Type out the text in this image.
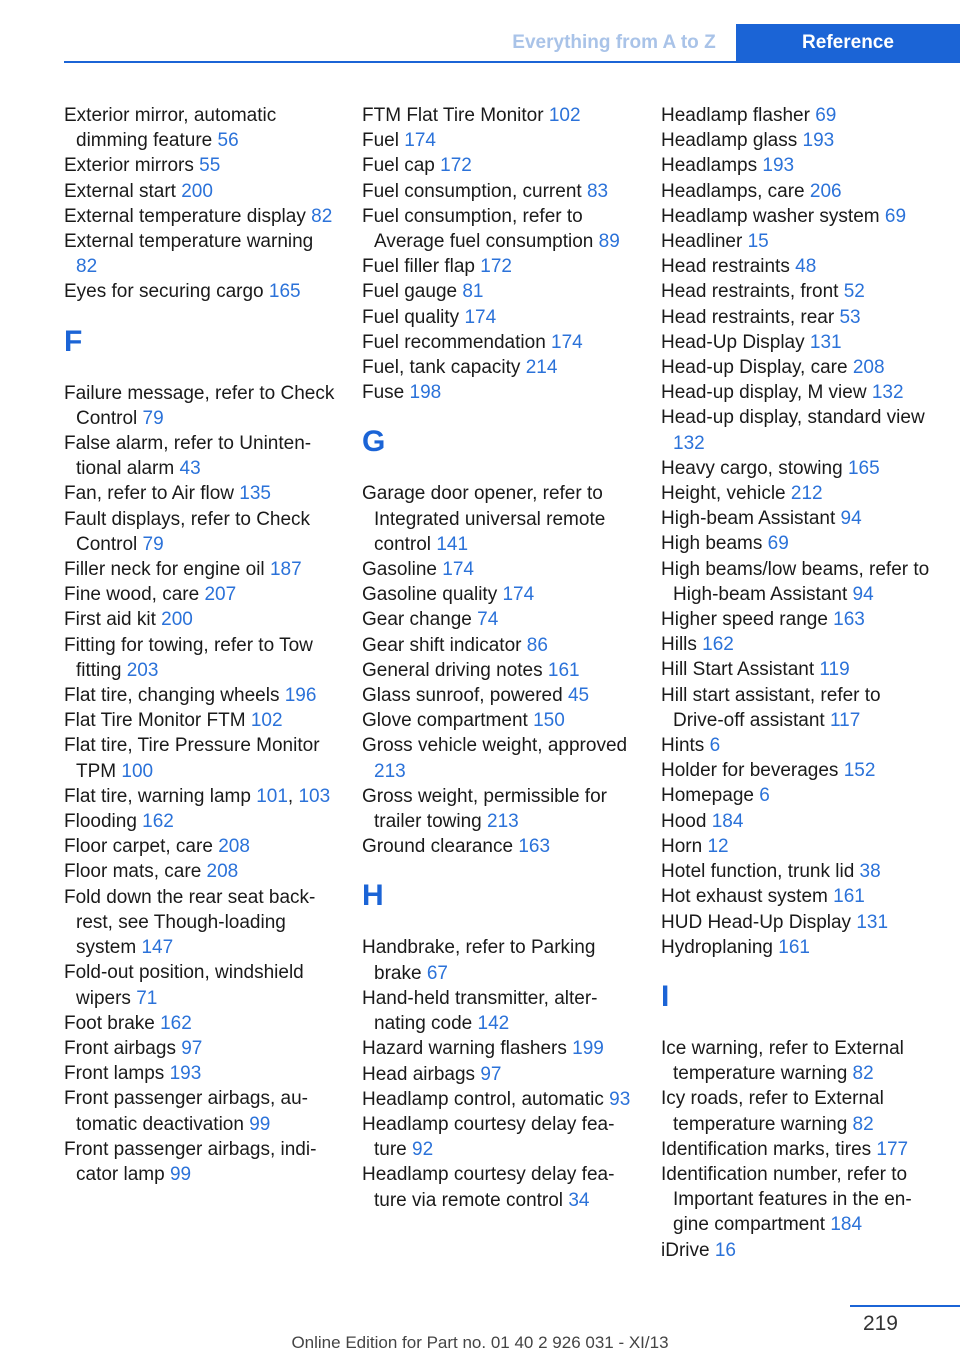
Everything from A to Z	Reference
Exterior mirror, automatic dimming feature 56
Exterior mirrors 55
External start 200
External temperature display 82
External temperature warning 82
Eyes for securing cargo 165
F
Failure message, refer to Check Control 79
False alarm, refer to Unintentional alarm 43
Fan, refer to Air flow 135
Fault displays, refer to Check Control 79
Filler neck for engine oil 187
Fine wood, care 207
First aid kit 200
Fitting for towing, refer to Tow fitting 203
Flat tire, changing wheels 196
Flat Tire Monitor FTM 102
Flat tire, Tire Pressure Monitor TPM 100
Flat tire, warning lamp 101, 103
Flooding 162
Floor carpet, care 208
Floor mats, care 208
Fold down the rear seat backrest, see Though-loading system 147
Fold-out position, windshield wipers 71
Foot brake 162
Front airbags 97
Front lamps 193
Front passenger airbags, automatic deactivation 99
Front passenger airbags, indicator lamp 99
FTM Flat Tire Monitor 102
Fuel 174
Fuel cap 172
Fuel consumption, current 83
Fuel consumption, refer to Average fuel consumption 89
Fuel filler flap 172
Fuel gauge 81
Fuel quality 174
Fuel recommendation 174
Fuel, tank capacity 214
Fuse 198
G
Garage door opener, refer to Integrated universal remote control 141
Gasoline 174
Gasoline quality 174
Gear change 74
Gear shift indicator 86
General driving notes 161
Glass sunroof, powered 45
Glove compartment 150
Gross vehicle weight, approved 213
Gross weight, permissible for trailer towing 213
Ground clearance 163
H
Handbrake, refer to Parking brake 67
Hand-held transmitter, alternating code 142
Hazard warning flashers 199
Head airbags 97
Headlamp control, automatic 93
Headlamp courtesy delay feature 92
Headlamp courtesy delay feature via remote control 34
Headlamp flasher 69
Headlamp glass 193
Headlamps 193
Headlamps, care 206
Headlamp washer system 69
Headliner 15
Head restraints 48
Head restraints, front 52
Head restraints, rear 53
Head-Up Display 131
Head-up Display, care 208
Head-up display, M view 132
Head-up display, standard view 132
Heavy cargo, stowing 165
Height, vehicle 212
High-beam Assistant 94
High beams 69
High beams/low beams, refer to High-beam Assistant 94
Higher speed range 163
Hills 162
Hill Start Assistant 119
Hill start assistant, refer to Drive-off assistant 117
Hints 6
Holder for beverages 152
Homepage 6
Hood 184
Horn 12
Hotel function, trunk lid 38
Hot exhaust system 161
HUD Head-Up Display 131
Hydroplaning 161
I
Ice warning, refer to External temperature warning 82
Icy roads, refer to External temperature warning 82
Identification marks, tires 177
Identification number, refer to Important features in the engine compartment 184
iDrive 16
219
Online Edition for Part no. 01 40 2 926 031 - XI/13
